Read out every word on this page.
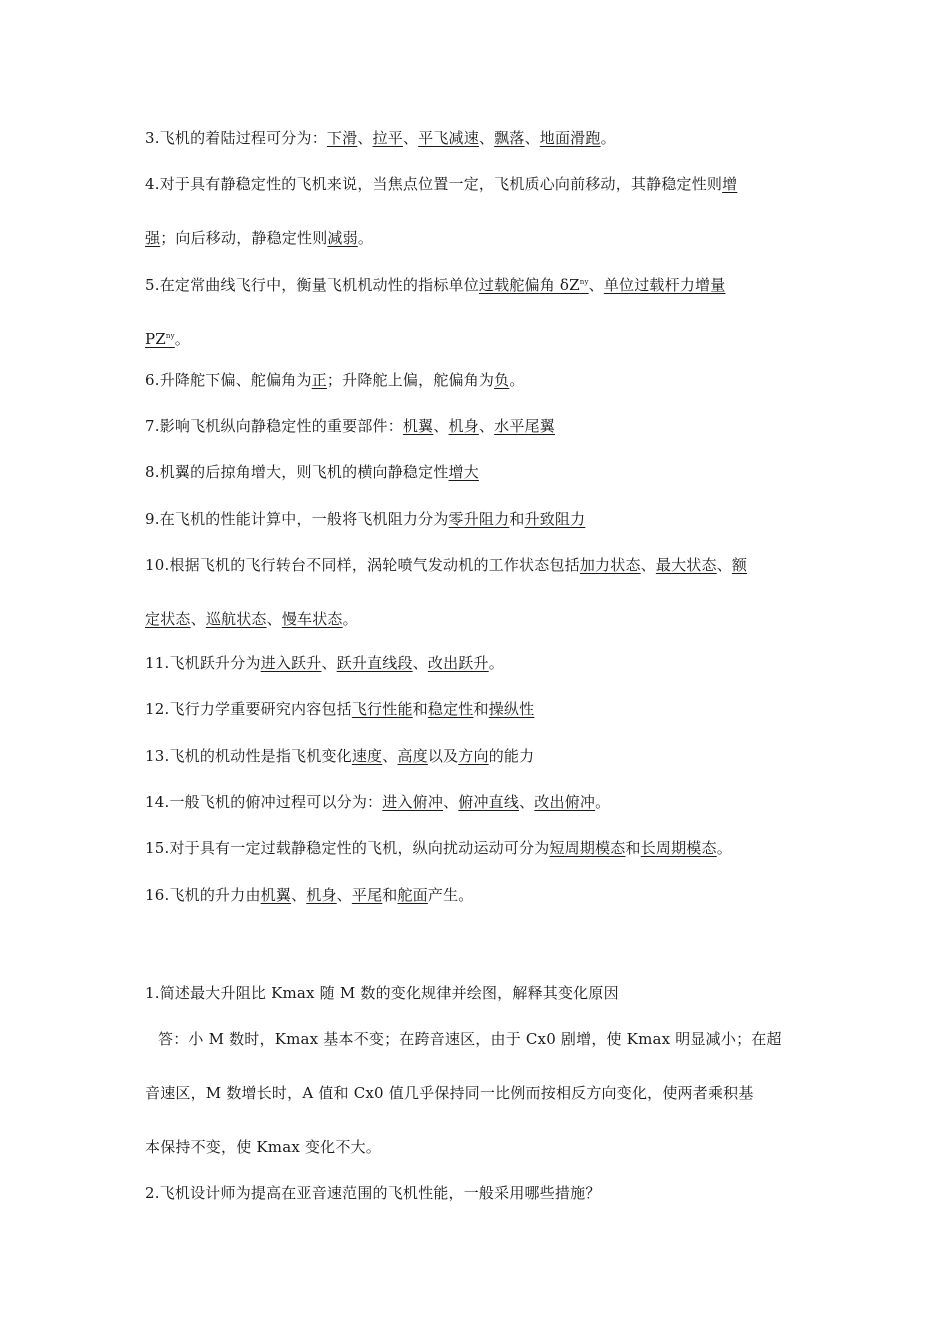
3.飞机的着陆过程可分为：下滑、拉平、平飞减速、飘落、地面滑跑。
4.对于具有静稳定性的飞机来说，当焦点位置一定，飞机质心向前移动，其静稳定性则增
强；向后移动，静稳定性则减弱。
5.在定常曲线飞行中，衡量飞机机动性的指标单位过载舵偏角 $\delta Z^{ny}$、单位过载杆力增量
$PZ^{ny}$。
6.升降舵下偏、舵偏角为正；升降舵上偏，舵偏角为负。
7.影响飞机纵向静稳定性的重要部件：机翼、机身、水平尾翼
8.机翼的后掠角增大，则飞机的横向静稳定性增大
9.在飞机的性能计算中，一般将飞机阻力分为零升阻力和升致阻力
10.根据飞机的飞行转台不同样，涡轮喷气发动机的工作状态包括加力状态、最大状态、额
定状态、巡航状态、慢车状态。
11.飞机跃升分为进入跃升、跃升直线段、改出跃升。
12.飞行力学重要研究内容包括飞行性能和稳定性和操纵性
13.飞机的机动性是指飞机变化速度、高度以及方向的能力
14.一般飞机的俯冲过程可以分为：进入俯冲、俯冲直线、改出俯冲。
15.对于具有一定过载静稳定性的飞机，纵向扰动运动可分为短周期模态和长周期模态。
16.飞机的升力由机翼、机身、平尾和舵面产生。
1.简述最大升阻比 Kmax 随 M 数的变化规律并绘图，解释其变化原因
答：小 M 数时，Kmax 基本不变；在跨音速区，由于 Cx0 剧增，使 Kmax 明显减小；在超
音速区，M 数增长时，A 值和 Cx0 值几乎保持同一比例而按相反方向变化，使两者乘积基
本保持不变，使 Kmax 变化不大。
2.飞机设计师为提高在亚音速范围的飞机性能，一般采用哪些措施？
